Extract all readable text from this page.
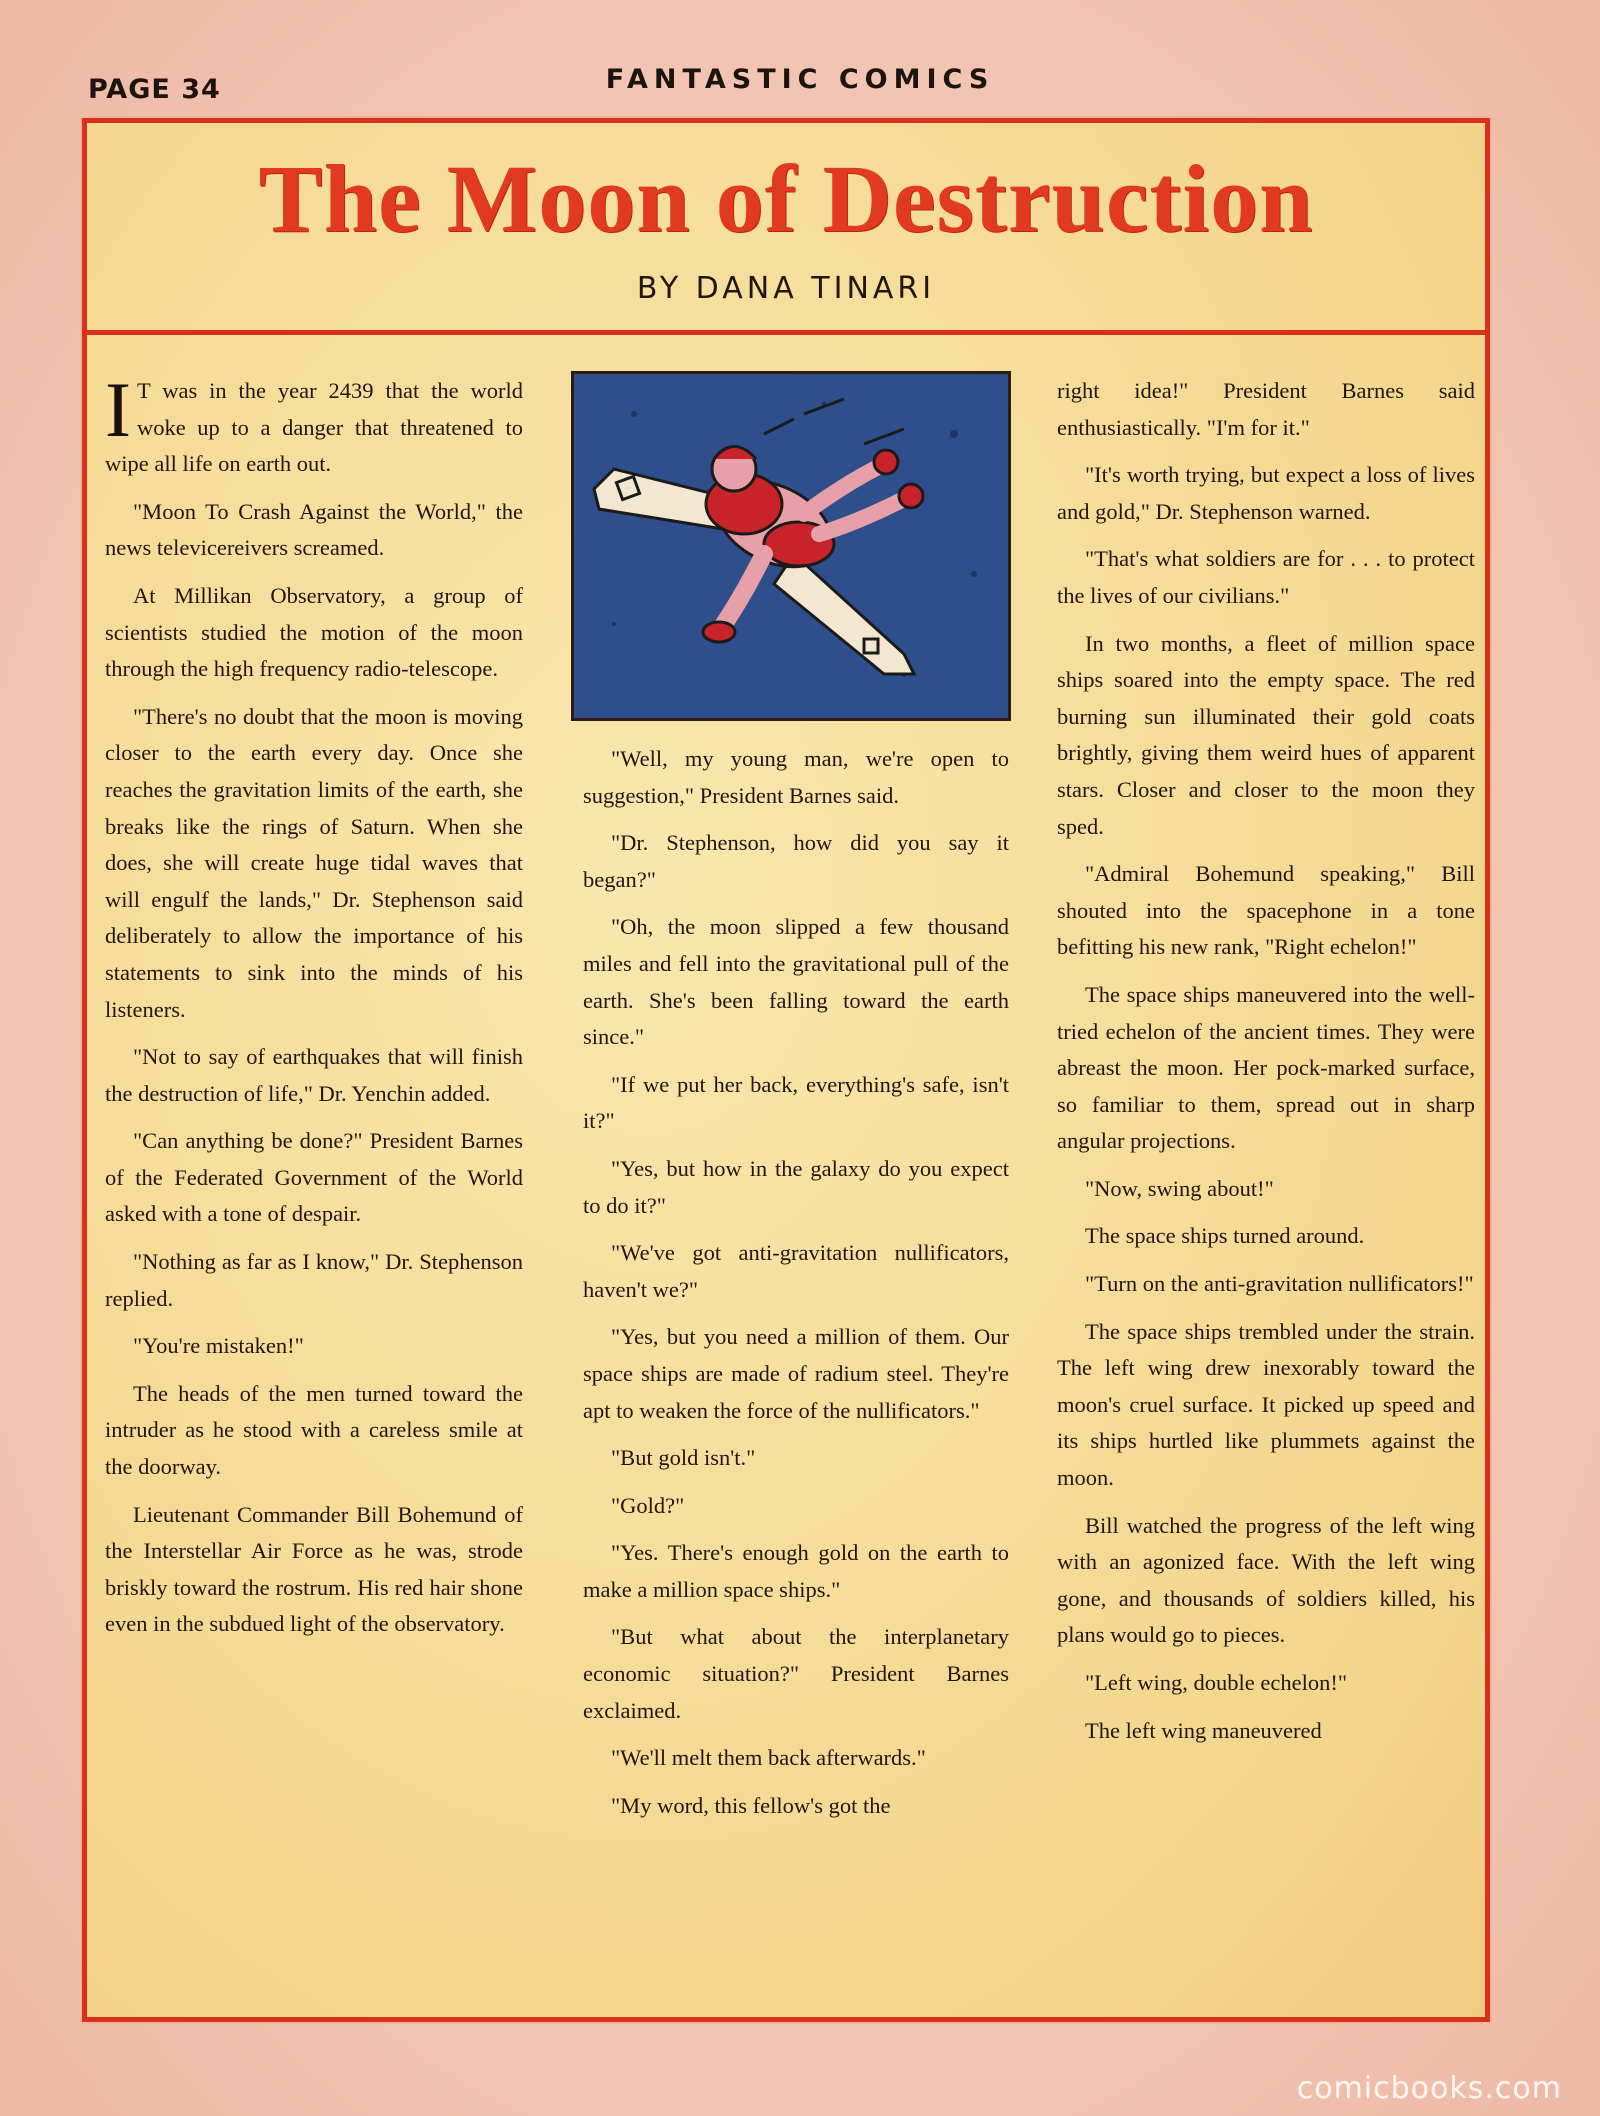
PAGE 34	FANTASTIC COMICS
The Moon of Destruction
BY DANA TINARI

I T was in the year 2439 that the world woke up to a danger that threatened to wipe all life on earth out.

"Moon To Crash Against the World," the news televicereivers screamed.

At Millikan Observatory, a group of scientists studied the motion of the moon through the high frequency radio-telescope.

"There's no doubt that the moon is moving closer to the earth every day. Once she reaches the gravitation limits of the earth, she breaks like the rings of Saturn. When she does, she will create huge tidal waves that will engulf the lands," Dr. Stephenson said deliberately to allow the importance of his statements to sink into the minds of his listeners.

"Not to say of earthquakes that will finish the destruction of life," Dr. Yenchin added.

"Can anything be done?" President Barnes of the Federated Government of the World asked with a tone of despair.

"Nothing as far as I know," Dr. Stephenson replied.

"You're mistaken!"

The heads of the men turned toward the intruder as he stood with a careless smile at the doorway.

Lieutenant Commander Bill Bohemund of the Interstellar Air Force as he was, strode briskly toward the rostrum. His red hair shone even in the subdued light of the observatory.

"Well, my young man, we're open to suggestion," President Barnes said.

"Dr. Stephenson, how did you say it began?"

"Oh, the moon slipped a few thousand miles and fell into the gravitational pull of the earth. She's been falling toward the earth since."

"If we put her back, everything's safe, isn't it?"

"Yes, but how in the galaxy do you expect to do it?"

"We've got anti-gravitation nullificators, haven't we?"

"Yes, but you need a million of them. Our space ships are made of radium steel. They're apt to weaken the force of the nullificators."

"But gold isn't."

"Gold?"

"Yes. There's enough gold on the earth to make a million space ships."

"But what about the interplanetary economic situation?" President Barnes exclaimed.

"We'll melt them back afterwards."

"My word, this fellow's got the

right idea!" President Barnes said enthusiastically. "I'm for it."

"It's worth trying, but expect a loss of lives and gold," Dr. Stephenson warned.

"That's what soldiers are for . . . to protect the lives of our civilians."

In two months, a fleet of million space ships soared into the empty space. The red burning sun illuminated their gold coats brightly, giving them weird hues of apparent stars. Closer and closer to the moon they sped.

"Admiral Bohemund speaking," Bill shouted into the spacephone in a tone befitting his new rank, "Right echelon!"

The space ships maneuvered into the well-tried echelon of the ancient times. They were abreast the moon. Her pock-marked surface, so familiar to them, spread out in sharp angular projections.

"Now, swing about!"

The space ships turned around.

"Turn on the anti-gravitation nullificators!"

The space ships trembled under the strain. The left wing drew inexorably toward the moon's cruel surface. It picked up speed and its ships hurtled like plummets against the moon.

Bill watched the progress of the left wing with an agonized face. With the left wing gone, and thousands of soldiers killed, his plans would go to pieces.

"Left wing, double echelon!"

The left wing maneuvered

comicbooks.com
